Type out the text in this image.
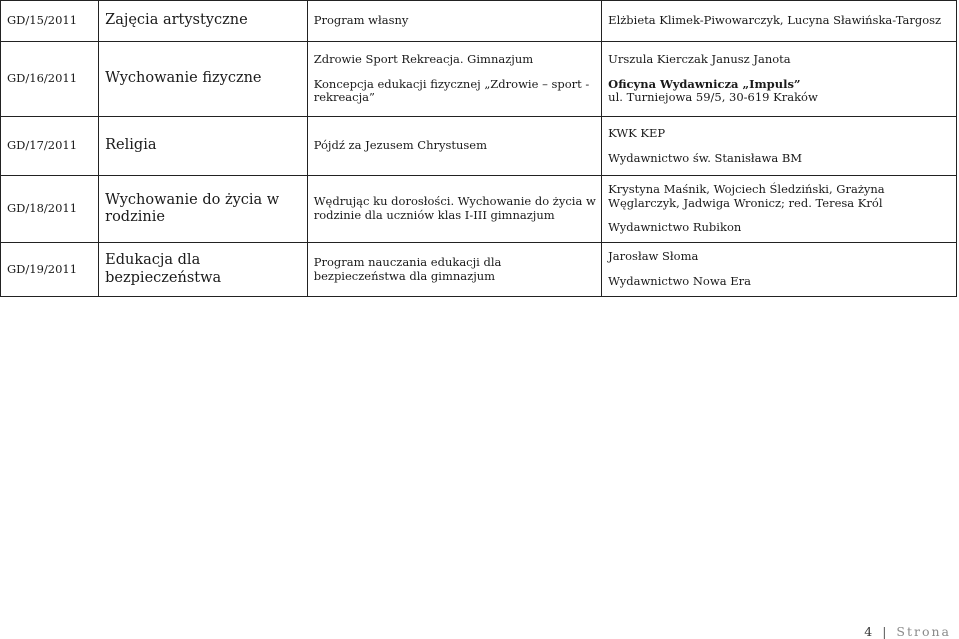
GD/15/2011	Zajęcia artystyczne	Program własny	Elżbieta Klimek-Piwowarczyk, Lucyna Sławińska-Targosz

GD/16/2011	Wychowanie fizyczne	Zdrowie Sport Rekreacja. Gimnazjum
Koncepcja edukacji fizycznej „Zdrowie – sport - rekreacja”	Urszula Kierczak Janusz Janota
Oficyna Wydawnicza „Impuls”
ul. Turniejowa 59/5, 30-619 Kraków

GD/17/2011	Religia	Pójdź za Jezusem Chrystusem	KWK KEP
Wydawnictwo św. Stanisława BM

GD/18/2011	Wychowanie do życia w rodzinie	Wędrując ku dorosłości. Wychowanie do życia w rodzinie dla uczniów klas I-III gimnazjum	Krystyna Maśnik, Wojciech Śledziński, Grażyna Węglarczyk, Jadwiga Wronicz; red. Teresa Król
Wydawnictwo Rubikon

GD/19/2011	Edukacja dla bezpieczeństwa	Program nauczania edukacji dla bezpieczeństwa dla gimnazjum	Jarosław Słoma
Wydawnictwo Nowa Era
4 | Strona
